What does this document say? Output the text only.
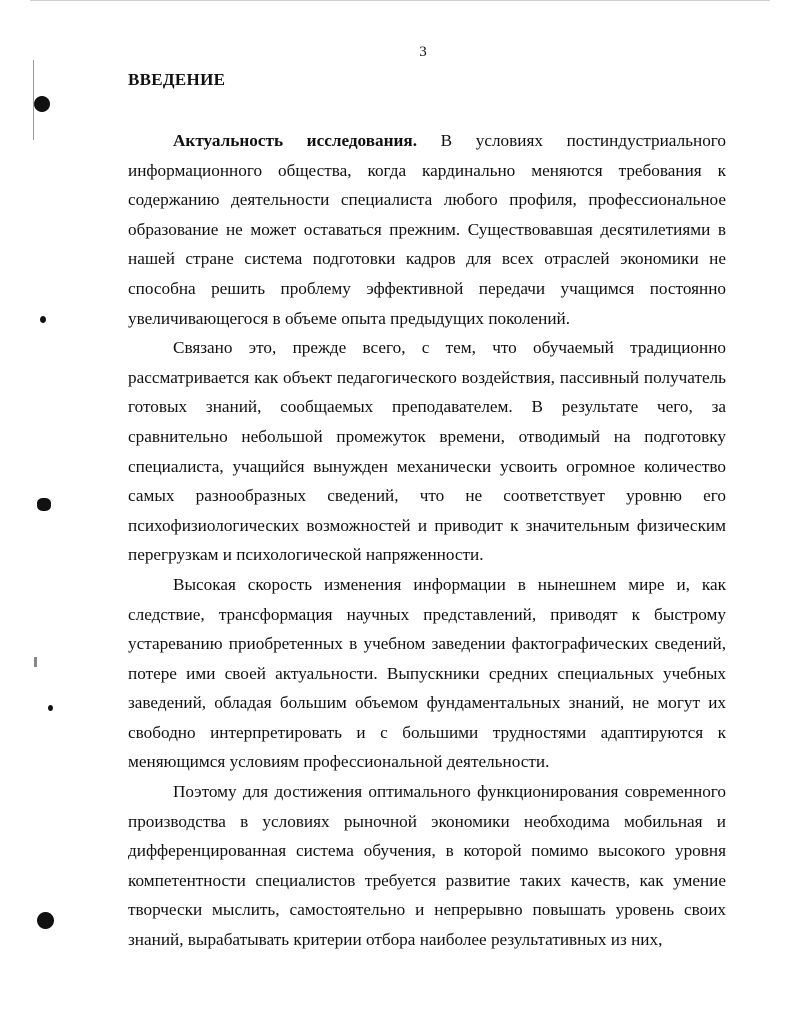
3
ВВЕДЕНИЕ

Актуальность исследования. В условиях постиндустриального информационного общества, когда кардинально меняются требования к содержанию деятельности специалиста любого профиля, профессиональное образование не может оставаться прежним. Существовавшая десятилетиями в нашей стране система подготовки кадров для всех отраслей экономики не способна решить проблему эффективной передачи учащимся постоянно увеличивающегося в объеме опыта предыдущих поколений.

Связано это, прежде всего, с тем, что обучаемый традиционно рассматривается как объект педагогического воздействия, пассивный получатель готовых знаний, сообщаемых преподавателем. В результате чего, за сравнительно небольшой промежуток времени, отводимый на подготовку специалиста, учащийся вынужден механически усвоить огромное количество самых разнообразных сведений, что не соответствует уровню его психофизиологических возможностей и приводит к значительным физическим перегрузкам и психологической напряженности.

Высокая скорость изменения информации в нынешнем мире и, как следствие, трансформация научных представлений, приводят к быстрому устареванию приобретенных в учебном заведении фактографических сведений, потере ими своей актуальности. Выпускники средних специальных учебных заведений, обладая большим объемом фундаментальных знаний, не могут их свободно интерпретировать и с большими трудностями адаптируются к меняющимся условиям профессиональной деятельности.

Поэтому для достижения оптимального функционирования современного производства в условиях рыночной экономики необходима мобильная и дифференцированная система обучения, в которой помимо высокого уровня компетентности специалистов требуется развитие таких качеств, как умение творчески мыслить, самостоятельно и непрерывно повышать уровень своих знаний, вырабатывать критерии отбора наиболее результативных из них,
